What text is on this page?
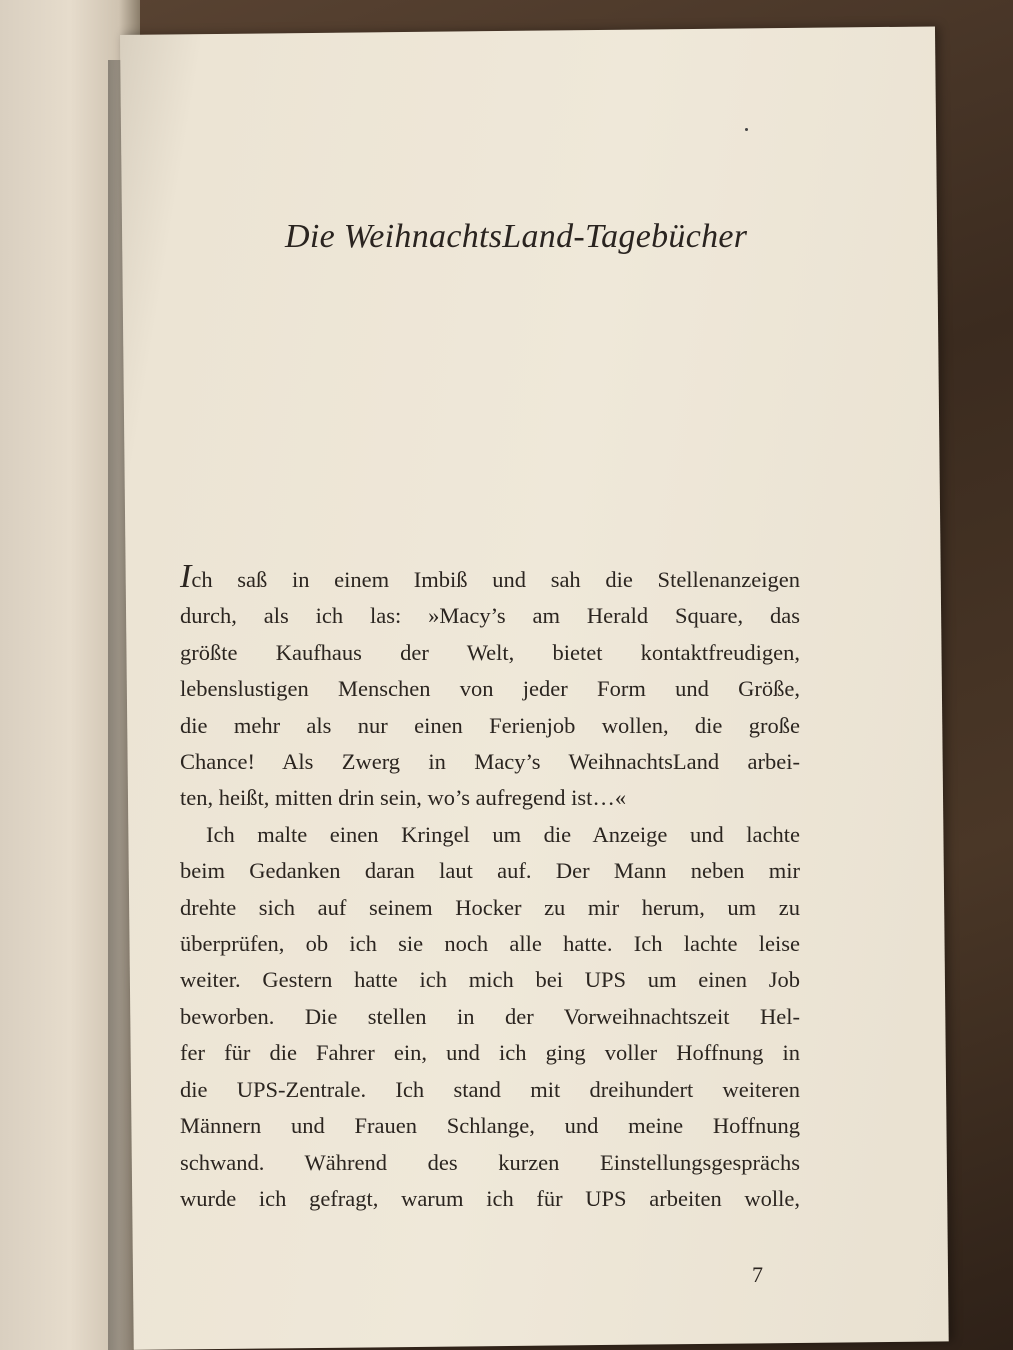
Die WeihnachtsLand-Tagebücher
Ich saß in einem Imbiß und sah die Stellenanzeigen
durch, als ich las: »Macy’s am Herald Square, das
größte Kaufhaus der Welt, bietet kontaktfreudigen,
lebenslustigen Menschen von jeder Form und Größe,
die mehr als nur einen Ferienjob wollen, die große
Chance! Als Zwerg in Macy’s WeihnachtsLand arbei-
ten, heißt, mitten drin sein, wo’s aufregend ist…«
Ich malte einen Kringel um die Anzeige und lachte
beim Gedanken daran laut auf. Der Mann neben mir
drehte sich auf seinem Hocker zu mir herum, um zu
überprüfen, ob ich sie noch alle hatte. Ich lachte leise
weiter. Gestern hatte ich mich bei UPS um einen Job
beworben. Die stellen in der Vorweihnachtszeit Hel-
fer für die Fahrer ein, und ich ging voller Hoffnung in
die UPS-Zentrale. Ich stand mit dreihundert weiteren
Männern und Frauen Schlange, und meine Hoffnung
schwand. Während des kurzen Einstellungsgesprächs
wurde ich gefragt, warum ich für UPS arbeiten wolle,
7
